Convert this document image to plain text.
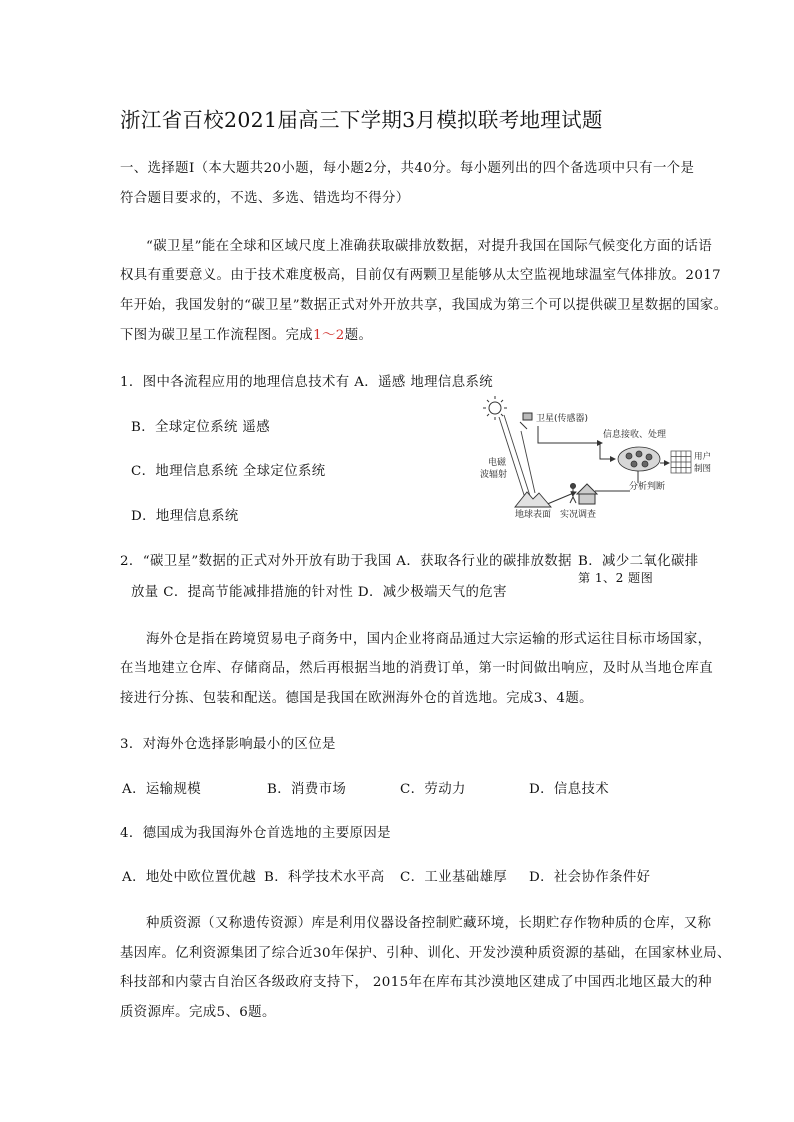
浙江省百校2021届高三下学期3月模拟联考地理试题
一、选择题Ⅰ（本大题共20小题，每小题2分，共40分。每小题列出的四个备选项中只有一个是
符合题目要求的，不选、多选、错选均不得分）
“碳卫星”能在全球和区域尺度上准确获取碳排放数据，对提升我国在国际气候变化方面的话语
权具有重要意义。由于技术难度极高，目前仅有两颗卫星能够从太空监视地球温室气体排放。2017
年开始，我国发射的“碳卫星”数据正式对外开放共享，我国成为第三个可以提供碳卫星数据的国家。
下图为碳卫星工作流程图。完成1～2题。
1．图中各流程应用的地理信息技术有 A．遥感 地理信息系统
B．全球定位系统 遥感
C．地理信息系统 全球定位系统
D．地理信息系统
卫星(传感器)
信息接收、处理
用户
制图
电磁
波辐射
分析判断
地球表面 实况调查
2．“碳卫星”数据的正式对外开放有助于我国 A．获取各行业的碳排放数据 B．减少二氧化碳排
第 1、2 题图
放量 C．提高节能减排措施的针对性 D．减少极端天气的危害
海外仓是指在跨境贸易电子商务中，国内企业将商品通过大宗运输的形式运往目标市场国家，
在当地建立仓库、存储商品，然后再根据当地的消费订单，第一时间做出响应，及时从当地仓库直
接进行分拣、包装和配送。德国是我国在欧洲海外仓的首选地。完成3、4题。
3．对海外仓选择影响最小的区位是
A．运输规模	B．消费市场	C．劳动力	D．信息技术
4．德国成为我国海外仓首选地的主要原因是
A．地处中欧位置优越 B．科学技术水平高 C．工业基础雄厚 D．社会协作条件好
种质资源（又称遗传资源）库是利用仪器设备控制贮藏环境，长期贮存作物种质的仓库，又称
基因库。亿利资源集团了综合近30年保护、引种、训化、开发沙漠种质资源的基础，在国家林业局、
科技部和内蒙古自治区各级政府支持下， 2015年在库布其沙漠地区建成了中国西北地区最大的种
质资源库。完成5、6题。
